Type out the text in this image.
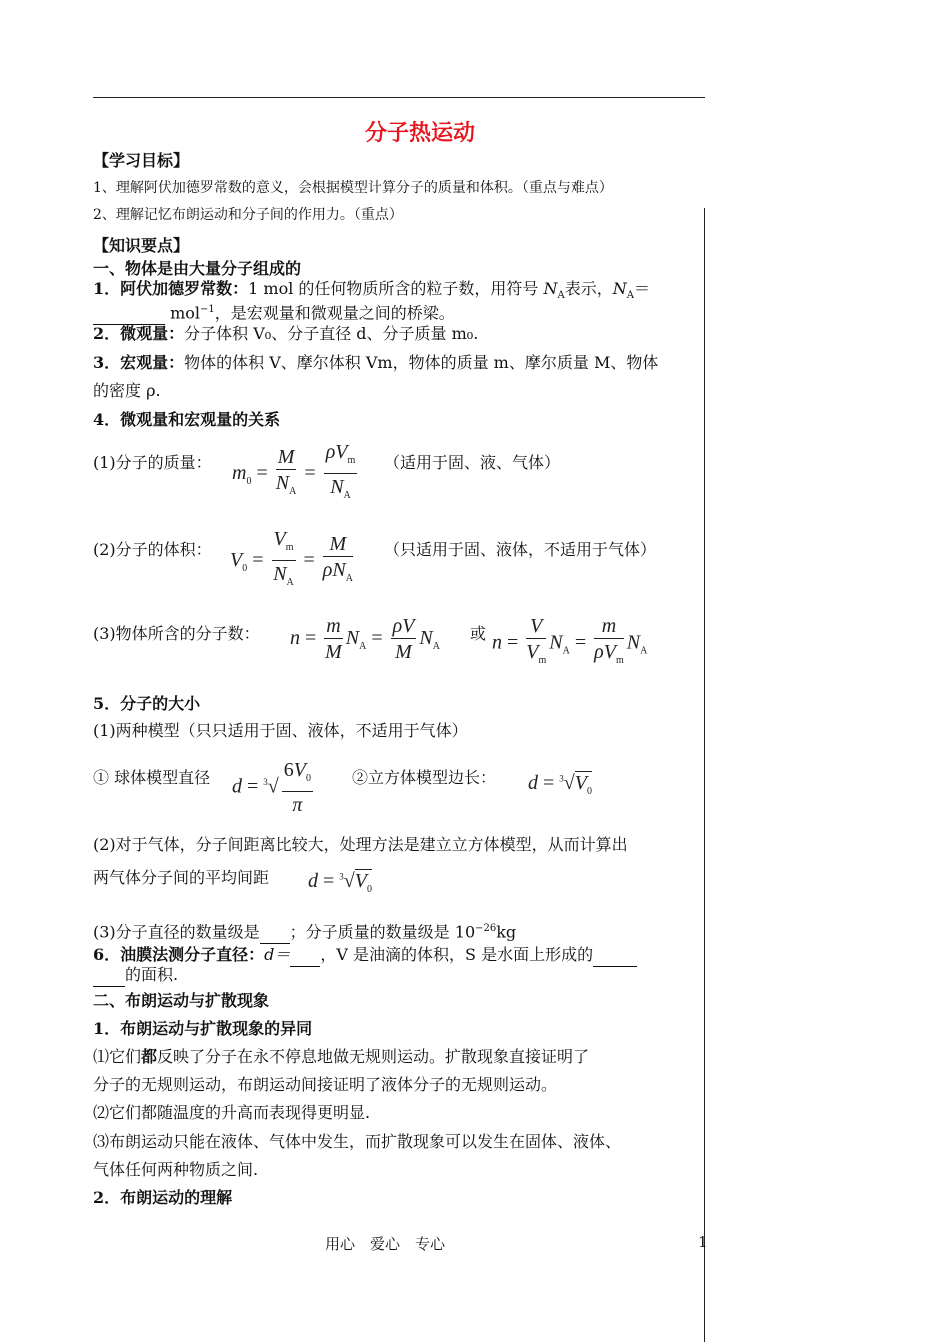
分子热运动
【学习目标】
1、理解阿伏加德罗常数的意义，会根据模型计算分子的质量和体积。（重点与难点）
2、理解记忆布朗运动和分子间的作用力。（重点）
【知识要点】
一、物体是由大量分子组成的
1．阿伏加德罗常数：1 mol 的任何物质所含的粒子数，用符号 $N_A$表示，$N_A=$
mol$^{-1}$，是宏观量和微观量之间的桥梁。
2．微观量：分子体积 V₀、分子直径 d、分子质量 m₀.
3．宏观量：物体的体积 V、摩尔体积 Vm，物体的质量 m、摩尔质量 M、物体
的密度 ρ.
4．微观量和宏观量的关系
(1)分子的质量： $m_0 = \frac{M}{N_A}$ =
$\rho V_m$
$N_A$
（适用于固、液、气体）
(2)分子的体积： $V_0 = \frac{V_m}{N_A}$ =
M
$\rho N_A$
（只适用于固、液体，不适用于气体）
(3)物体所含的分子数： $n = \frac{m}{M} N_A = \frac{\rho V}{M} N_A$
或 $n = \frac{V}{V_m} N_A$ =
m
$\rho V_m$
$N_A$
5．分子的大小
(1)两种模型（只只适用于固、液体，不适用于气体）
① 球体模型直径 $d = ^3√ \frac{6V_0}{\pi}$ ②立方体模型边长： $d = ^3√V_0$
(2)对于气体，分子间距离比较大，处理方法是建立立方体模型，从而计算出
两气体分子间的平均间距 $d = ^3√V_0$
(3)分子直径的数量级是 ；分子质量的数量级是 $10^{-26}kg$
6．油膜法测分子直径：d＝ ，V 是油滴的体积，S 是水面上形成的
的面积.
二、布朗运动与扩散现象
1．布朗运动与扩散现象的异同
⑴它们都反映了分子在永不停息地做无规则运动。扩散现象直接证明了
分子的无规则运动，布朗运动间接证明了液体分子的无规则运动。
⑵它们都随温度的升高而表现得更明显.
⑶布朗运动只能在液体、气体中发生，而扩散现象可以发生在固体、液体、
气体任何两种物质之间.
2．布朗运动的理解
用心　爱心　专心	1
